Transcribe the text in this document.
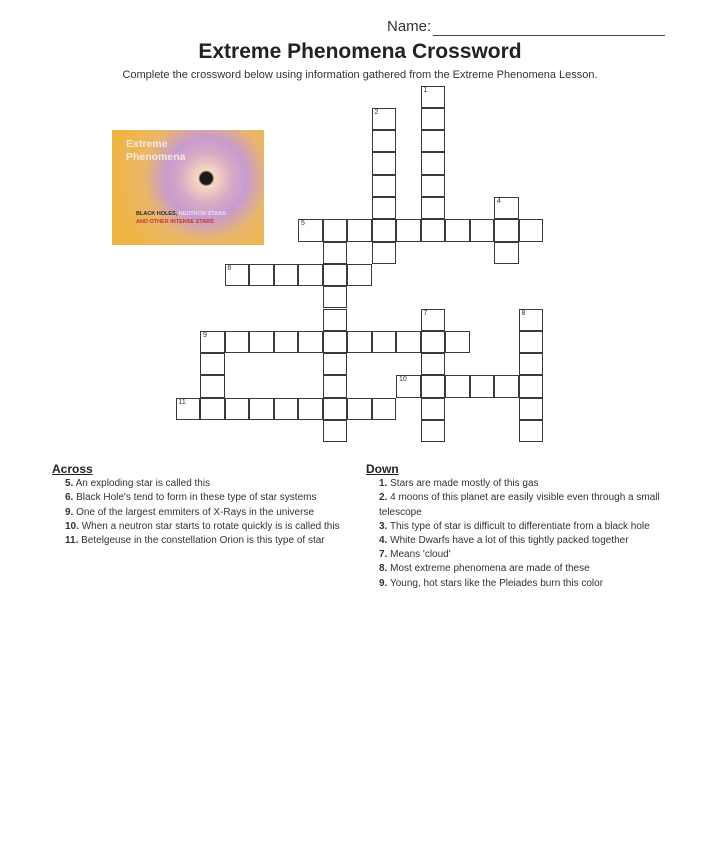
Name:
Extreme Phenomena Crossword
Complete the crossword below using information gathered from the Extreme Phenomena Lesson.
Extreme
Phenomena
BLACK HOLES, NEUTRON STARS
AND OTHER INTENSE STARS
1
2
4
5
6
7	8
9
10
11
Across
5. An exploding star is called this
6. Black Hole's tend to form in these type of star systems
9. One of the largest emmiters of X-Rays in the universe
10. When a neutron star starts to rotate quickly is is called this
11. Betelgeuse in the constellation Orion is this type of star
Down
1. Stars are made mostly of this gas
2. 4 moons of this planet are easily visible even through a small telescope
3. This type of star is difficult to differentiate from a black hole
4. White Dwarfs have a lot of this tightly packed together
7. Means 'cloud'
8. Most extreme phenomena are made of these
9. Young, hot stars like the Pleiades burn this color
